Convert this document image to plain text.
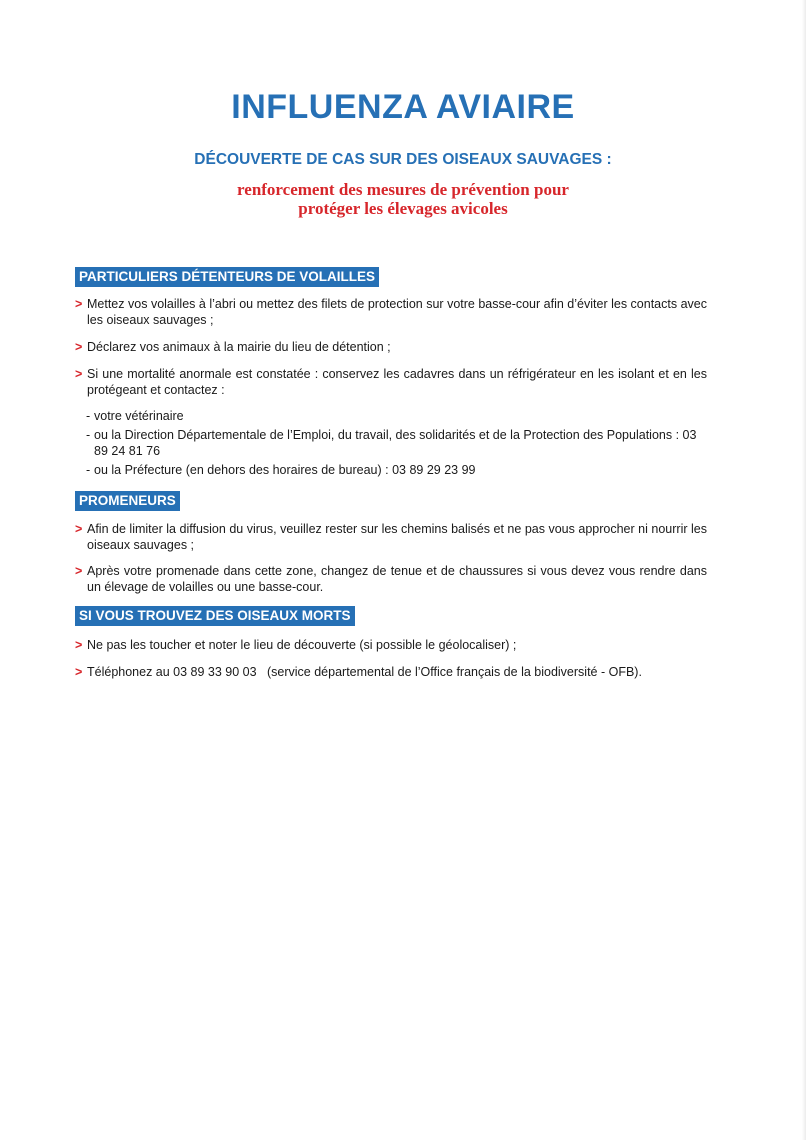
INFLUENZA AVIAIRE
DÉCOUVERTE DE CAS SUR DES OISEAUX SAUVAGES :
renforcement des mesures de prévention pour
protéger les élevages avicoles
PARTICULIERS DÉTENTEURS DE VOLAILLES
> Mettez vos volailles à l’abri ou mettez des filets de protection sur votre basse-cour afin d’éviter les contacts avec les oiseaux sauvages ;
> Déclarez vos animaux à la mairie du lieu de détention ;
> Si une mortalité anormale est constatée : conservez les cadavres dans un réfrigérateur en les isolant et en les protégeant et contactez :
- votre vétérinaire
- ou la Direction Départementale de l’Emploi, du travail, des solidarités et de la Protection des Populations : 03 89 24 81 76
- ou la Préfecture (en dehors des horaires de bureau) : 03 89 29 23 99
PROMENEURS
> Afin de limiter la diffusion du virus, veuillez rester sur les chemins balisés et ne pas vous approcher ni nourrir les oiseaux sauvages ;
> Après votre promenade dans cette zone, changez de tenue et de chaussures si vous devez vous rendre dans un élevage de volailles ou une basse-cour.
SI VOUS TROUVEZ DES OISEAUX MORTS
> Ne pas les toucher et noter le lieu de découverte (si possible le géolocaliser) ;
> Téléphonez au 03 89 33 90 03   (service départemental de l’Office français de la biodiversité - OFB).
